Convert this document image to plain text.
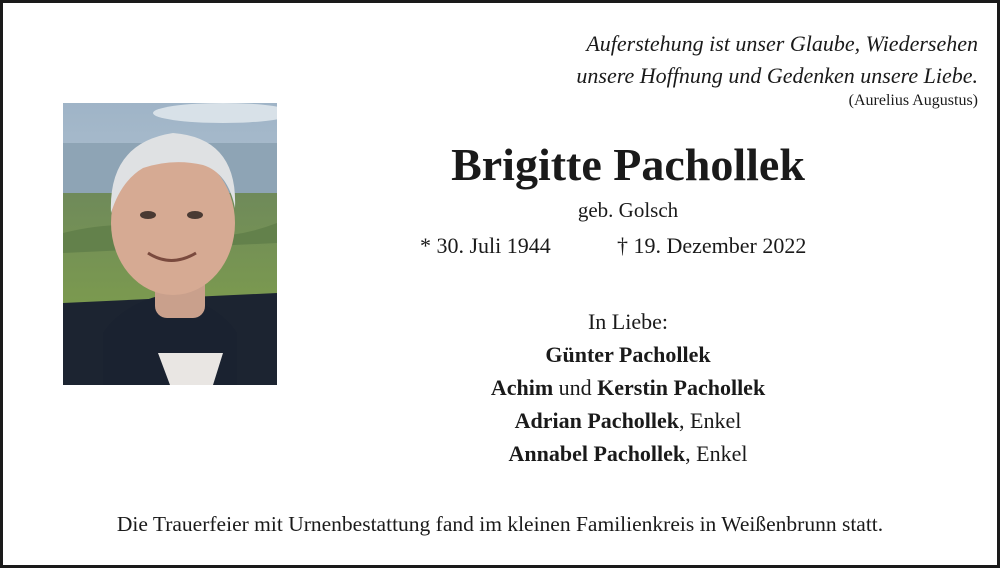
Auferstehung ist unser Glaube, Wiedersehen
unsere Hoffnung und Gedenken unsere Liebe.
(Aurelius Augustus)
Brigitte Pachollek
geb. Golsch
* 30. Juli 1944	† 19. Dezember 2022
In Liebe:
Günter Pachollek
Achim und Kerstin Pachollek
Adrian Pachollek, Enkel
Annabel Pachollek, Enkel
Die Trauerfeier mit Urnenbestattung fand im kleinen Familienkreis in Weißenbrunn statt.
